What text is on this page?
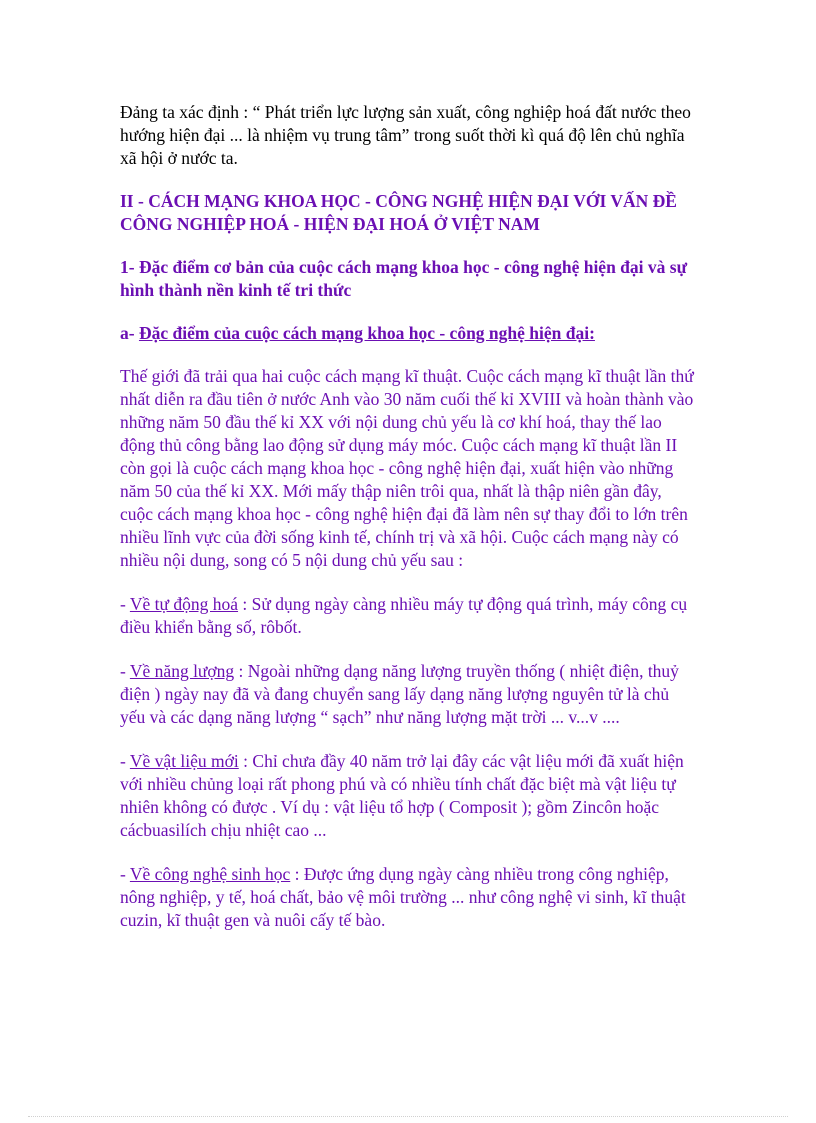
Đảng ta xác định : “ Phát triển lực lượng sản xuất, công nghiệp hoá đất nước theo hướng hiện đại ... là nhiệm vụ trung tâm” trong suốt thời kì quá độ lên chủ nghĩa xã hội ở nước ta.

II - CÁCH MẠNG KHOA HỌC - CÔNG NGHỆ HIỆN ĐẠI VỚI VẤN ĐỀ CÔNG NGHIỆP HOÁ - HIỆN ĐẠI HOÁ Ở VIỆT NAM

1- Đặc điểm cơ bản của cuộc cách mạng khoa học - công nghệ hiện đại và sự hình thành nền kinh tế tri thức

a- Đặc điểm của cuộc cách mạng khoa học - công nghệ hiện đại:

Thế giới đã trải qua hai cuộc cách mạng kĩ thuật. Cuộc cách mạng kĩ thuật lần thứ nhất diễn ra đầu tiên ở nước Anh vào 30 năm cuối thế kỉ XVIII và hoàn thành vào những năm 50 đầu thế kỉ XX với nội dung chủ yếu là cơ khí hoá, thay thế lao động thủ công bằng lao động sử dụng máy móc. Cuộc cách mạng kĩ thuật lần II còn gọi là cuộc cách mạng khoa học - công nghệ hiện đại, xuất hiện vào những năm 50 của thế kỉ XX. Mới mấy thập niên trôi qua, nhất là thập niên gần đây, cuộc cách mạng khoa học - công nghệ hiện đại đã làm nên sự thay đổi to lớn trên nhiều lĩnh vực của đời sống kinh tế, chính trị và xã hội. Cuộc cách mạng này có nhiều nội dung, song có 5 nội dung chủ yếu sau :

- Về tự động hoá : Sử dụng ngày càng nhiều máy tự động quá trình, máy công cụ điều khiển bằng số, rôbốt.

- Về năng lượng : Ngoài những dạng năng lượng truyền thống ( nhiệt điện, thuỷ điện ) ngày nay đã và đang chuyển sang lấy dạng năng lượng nguyên tử là chủ yếu và các dạng năng lượng “ sạch” như năng lượng mặt trời ... v...v ....

- Về vật liệu mới : Chỉ chưa đầy 40 năm trở lại đây các vật liệu mới đã xuất hiện với nhiều chủng loại rất phong phú và có nhiều tính chất đặc biệt mà vật liệu tự nhiên không có được . Ví dụ : vật liệu tổ hợp ( Composit ); gồm Zincôn hoặc cácbuasilích chịu nhiệt cao ...

- Về công nghệ sinh học : Được ứng dụng ngày càng nhiều trong công nghiệp, nông nghiệp, y tế, hoá chất, bảo vệ môi trường ... như công nghệ vi sinh, kĩ thuật cuzin, kĩ thuật gen và nuôi cấy tế bào.
